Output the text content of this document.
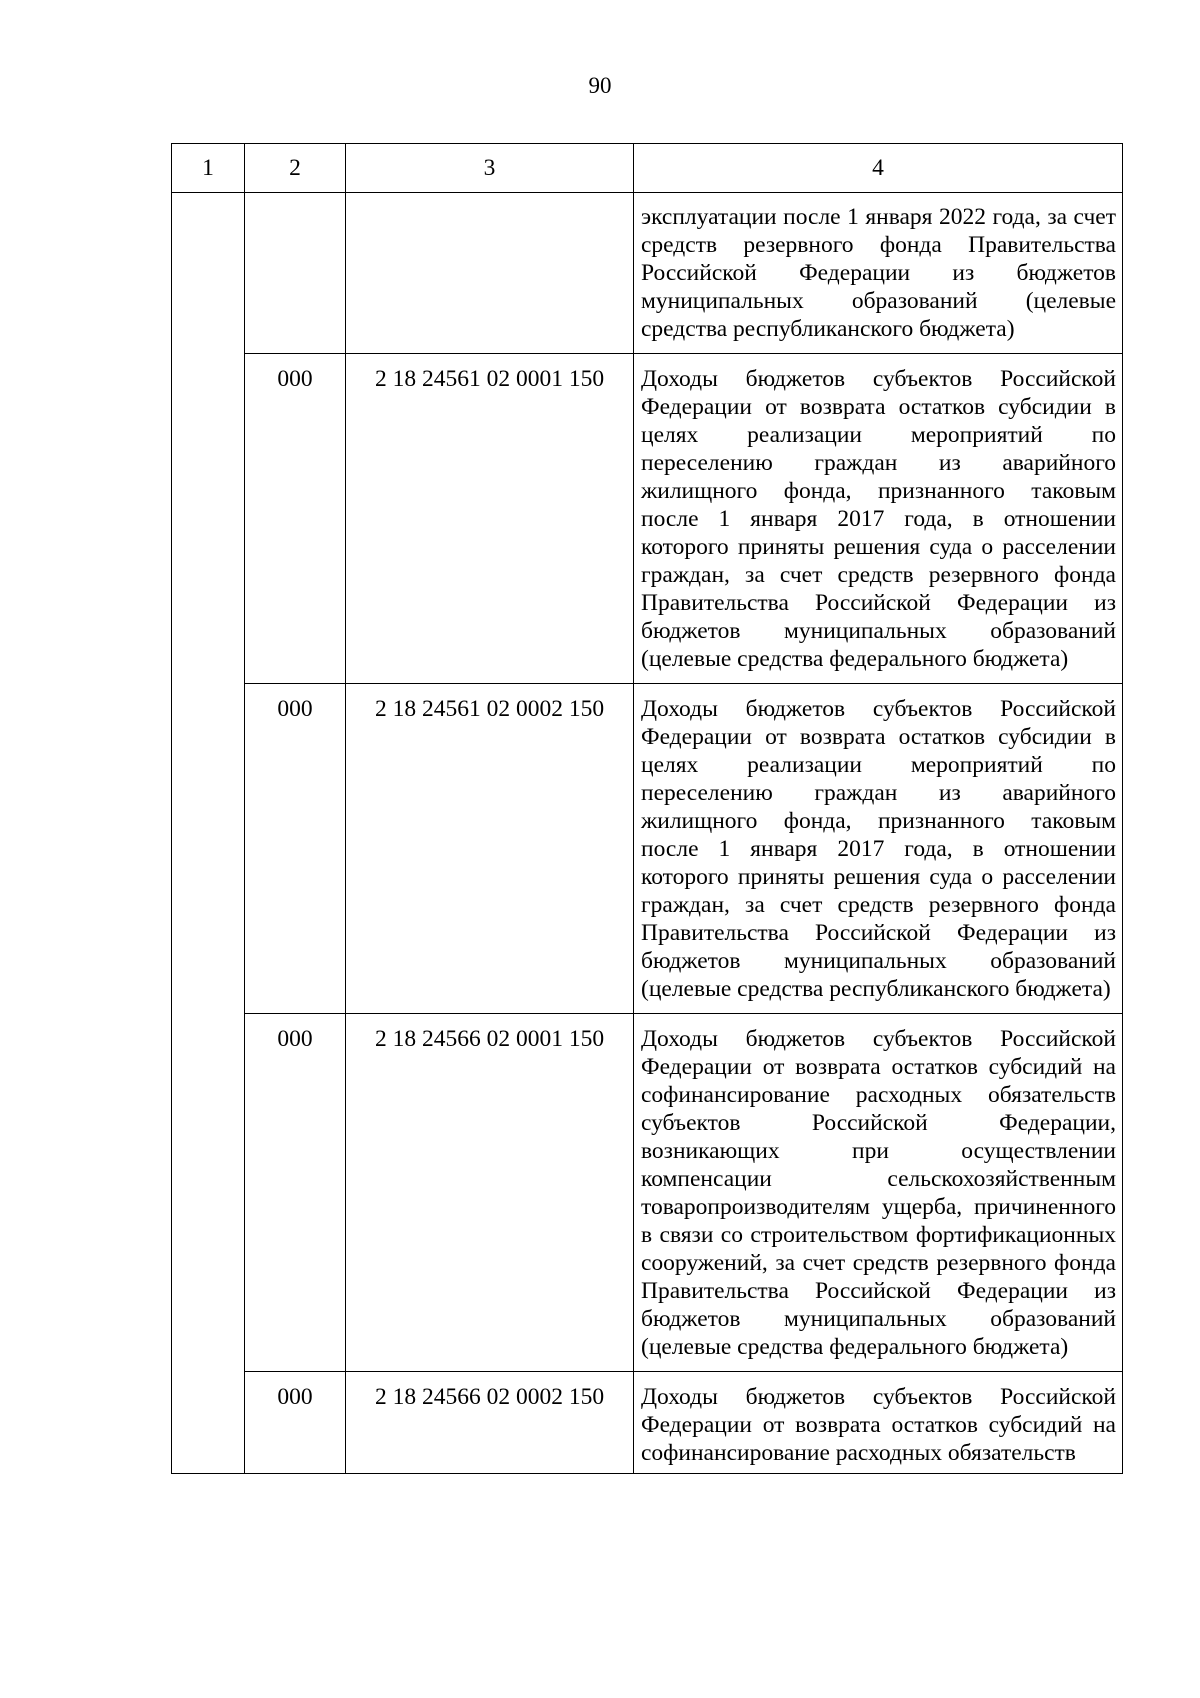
90
1	2	3	4
			эксплуатации после 1 января 2022 года, за счет средств резервного фонда Правительства Российской Федерации из бюджетов муниципальных образований (целевые средства республиканского бюджета)
	000	2 18 24561 02 0001 150	Доходы бюджетов субъектов Российской Федерации от возврата остатков субсидии в целях реализации мероприятий по переселению граждан из аварийного жилищного фонда, признанного таковым после 1 января 2017 года, в отношении которого приняты решения суда о расселении граждан, за счет средств резервного фонда Правительства Российской Федерации из бюджетов муниципальных образований (целевые средства федерального бюджета)
	000	2 18 24561 02 0002 150	Доходы бюджетов субъектов Российской Федерации от возврата остатков субсидии в целях реализации мероприятий по переселению граждан из аварийного жилищного фонда, признанного таковым после 1 января 2017 года, в отношении которого приняты решения суда о расселении граждан, за счет средств резервного фонда Правительства Российской Федерации из бюджетов муниципальных образований (целевые средства республиканского бюджета)
	000	2 18 24566 02 0001 150	Доходы бюджетов субъектов Российской Федерации от возврата остатков субсидий на софинансирование расходных обязательств субъектов Российской Федерации, возникающих при осуществлении компенсации сельскохозяйственным товаропроизводителям ущерба, причиненного в связи со строительством фортификационных сооружений, за счет средств резервного фонда Правительства Российской Федерации из бюджетов муниципальных образований (целевые средства федерального бюджета)
	000	2 18 24566 02 0002 150	Доходы бюджетов субъектов Российской Федерации от возврата остатков субсидий на софинансирование расходных обязательств
